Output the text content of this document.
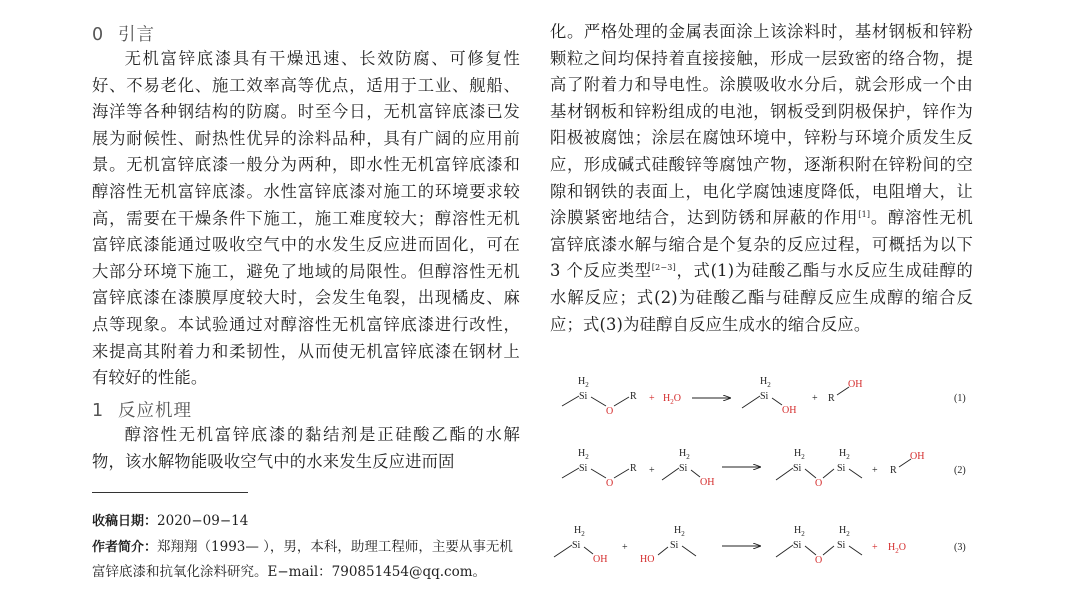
0 引言

无机富锌底漆具有干燥迅速、长效防腐、可修复性好、不易老化、施工效率高等优点，适用于工业、舰船、海洋等各种钢结构的防腐。时至今日，无机富锌底漆已发展为耐候性、耐热性优异的涂料品种，具有广阔的应用前景。无机富锌底漆一般分为两种，即水性无机富锌底漆和醇溶性无机富锌底漆。水性富锌底漆对施工的环境要求较高，需要在干燥条件下施工，施工难度较大；醇溶性无机富锌底漆能通过吸收空气中的水发生反应进而固化，可在大部分环境下施工，避免了地域的局限性。但醇溶性无机富锌底漆在漆膜厚度较大时，会发生龟裂，出现橘皮、麻点等现象。本试验通过对醇溶性无机富锌底漆进行改性，来提高其附着力和柔韧性，从而使无机富锌底漆在钢材上有较好的性能。

1 反应机理

醇溶性无机富锌底漆的黏结剂是正硅酸乙酯的水解物，该水解物能吸收空气中的水来发生反应进而固

收稿日期：2020−09−14

作者简介：郑翔翔（1993— ），男，本科，助理工程师，主要从事无机富锌底漆和抗氧化涂料研究。E−mail：790851454@qq.com。

化。严格处理的金属表面涂上该涂料时，基材钢板和锌粉颗粒之间均保持着直接接触，形成一层致密的络合物，提高了附着力和导电性。涂膜吸收水分后，就会形成一个由基材钢板和锌粉组成的电池，钢板受到阴极保护，锌作为阳极被腐蚀；涂层在腐蚀环境中，锌粉与环境介质发生反应，形成碱式硅酸锌等腐蚀产物，逐渐积附在锌粉间的空隙和钢铁的表面上，电化学腐蚀速度降低，电阻增大，让涂膜紧密地结合，达到防锈和屏蔽的作用[1]。醇溶性无机富锌底漆水解与缩合是个复杂的反应过程，可概括为以下 3 个反应类型[2−3]，式(1)为硅酸乙酯与水反应生成硅醇的水解反应；式(2)为硅酸乙酯与硅醇反应生成醇的缩合反应；式(3)为硅醇自反应生成水的缩合反应。

$H_2$
Si
O
$R + H_2O$
$H_2$
Si
OH
+ R
OH
(1)
$H_2$
Si
O
R +
$H_2$
Si
OH
$H_2$
Si
O
$H_2$
Si	+ R
OH
(2)
$H_2$
Si
OH
+
HO
$H_2$
Si
$H_2$
Si
O
$H_2$
Si	+ $H_2O$	(3)
